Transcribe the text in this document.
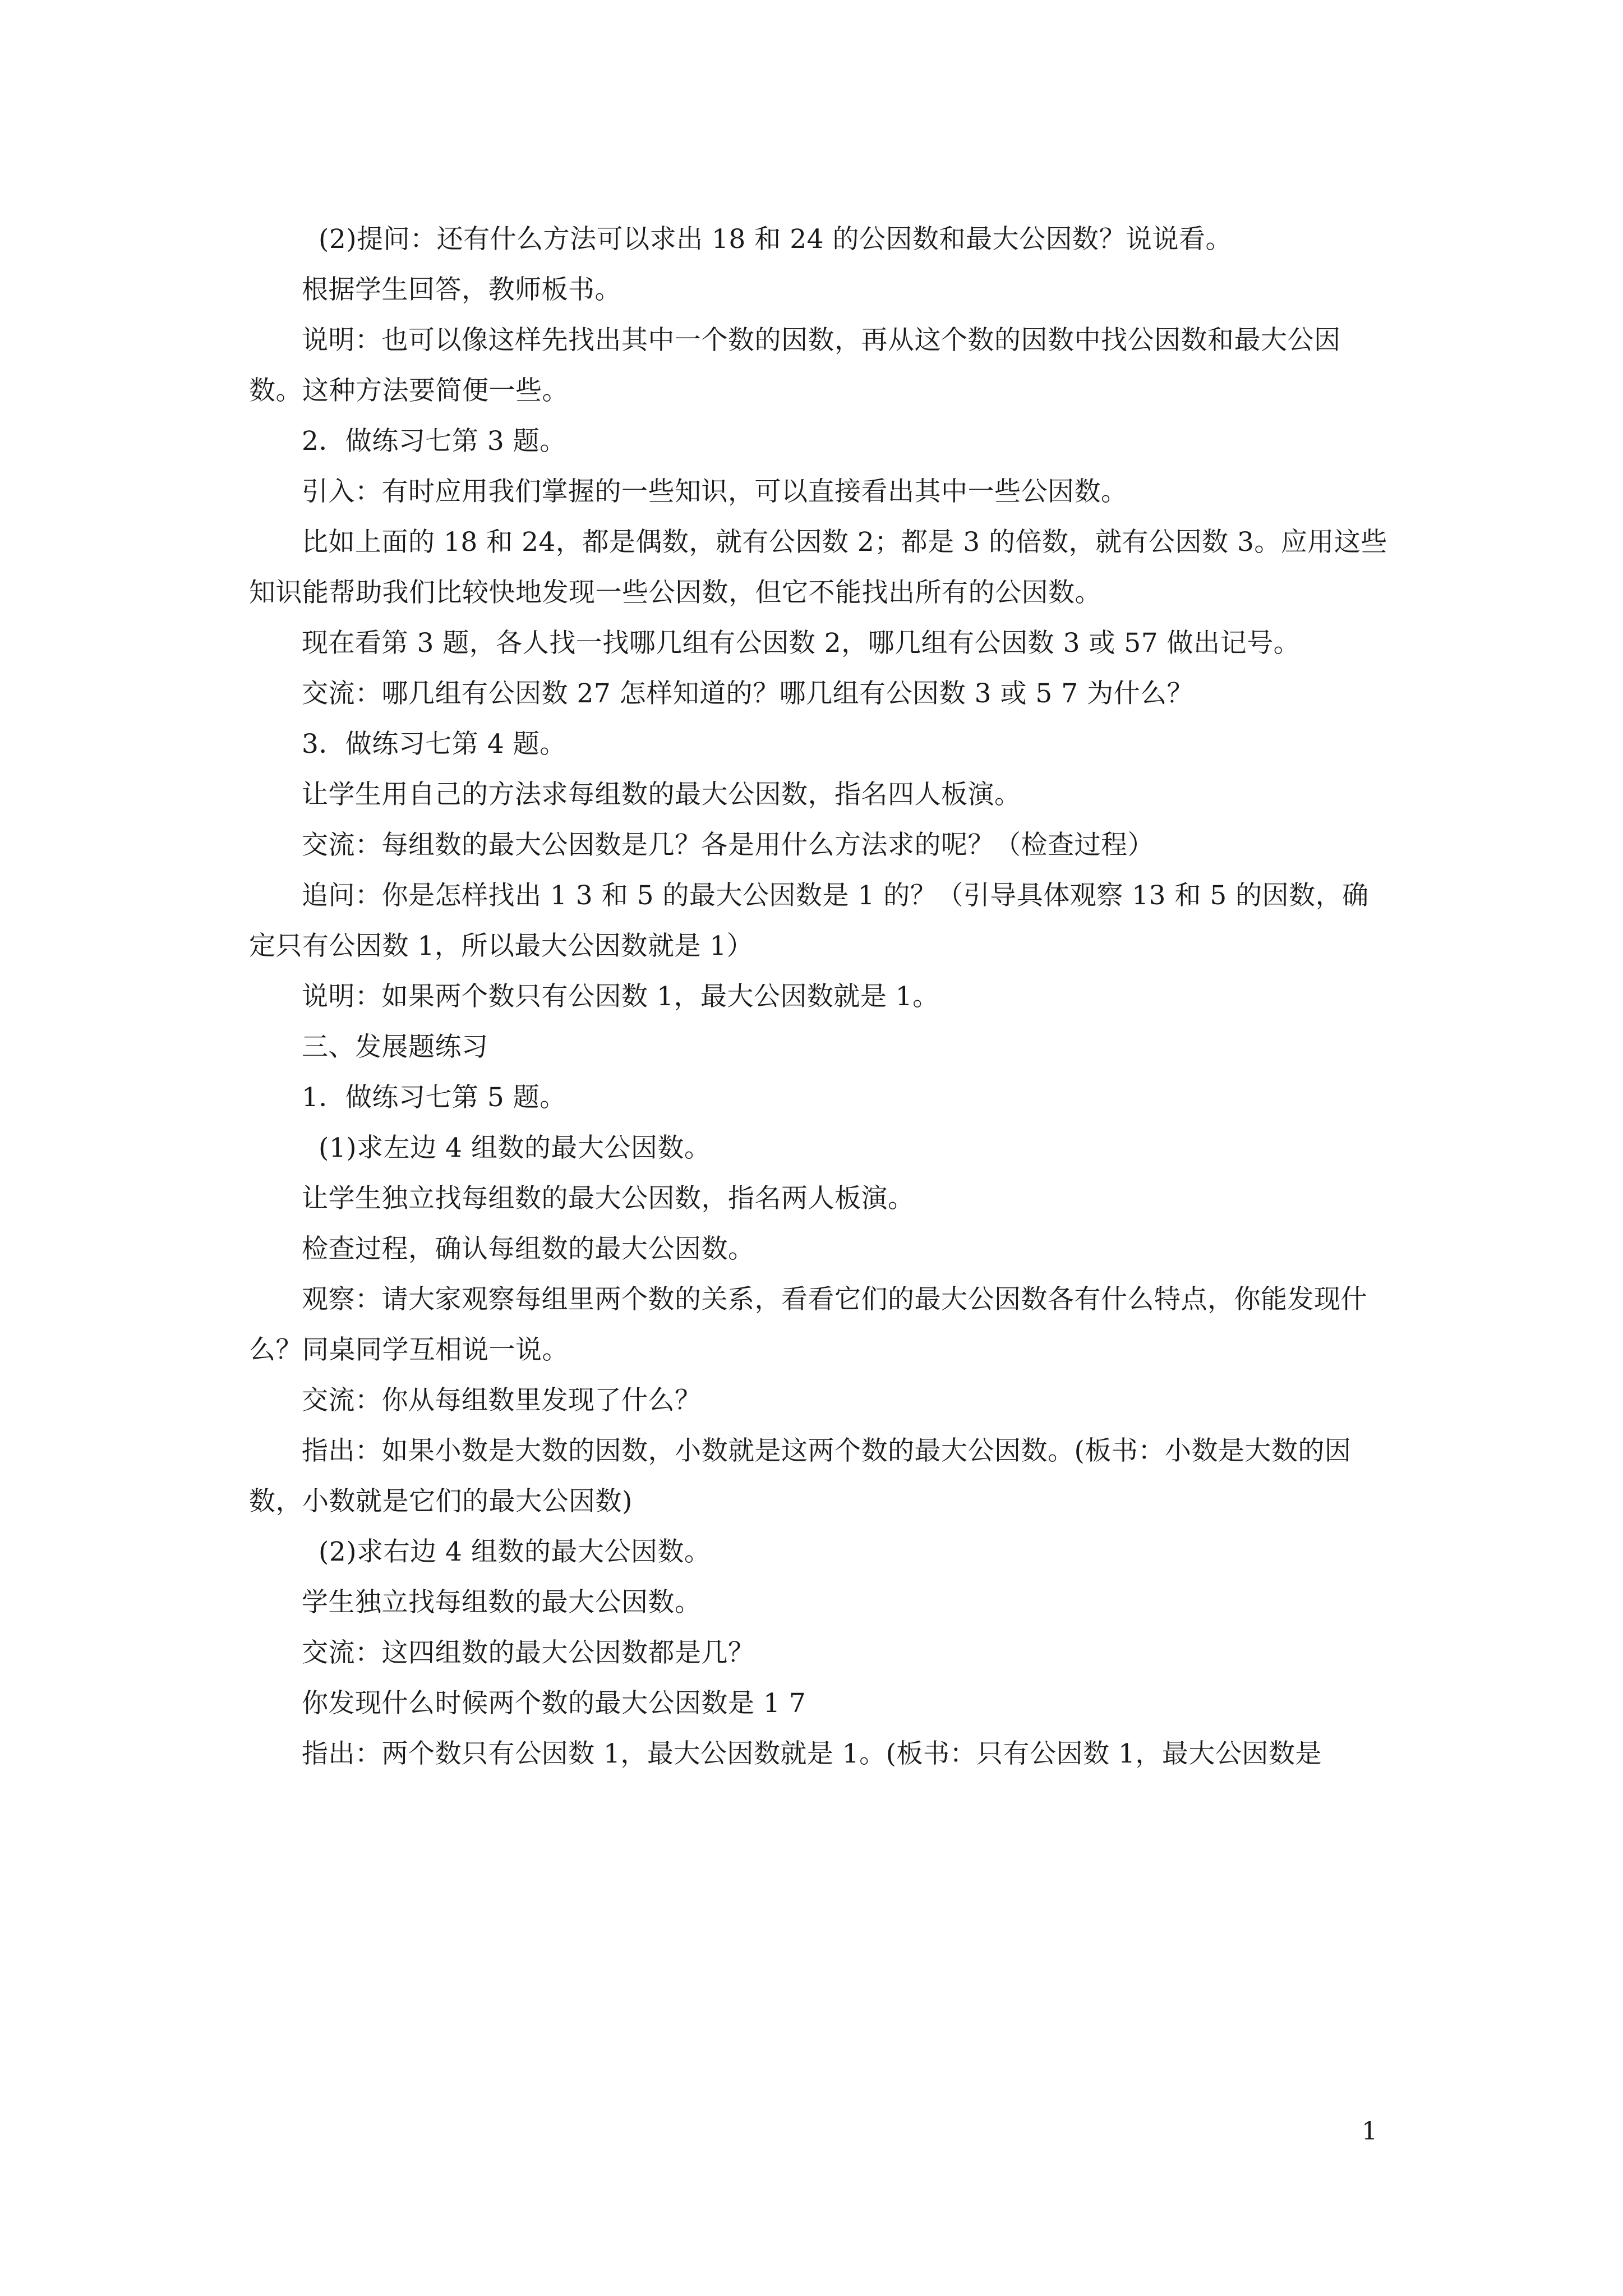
(2)提问：还有什么方法可以求出 18 和 24 的公因数和最大公因数？说说看。

根据学生回答，教师板书。

说明：也可以像这样先找出其中一个数的因数，再从这个数的因数中找公因数和最大公因数。这种方法要简便一些。

2．做练习七第 3 题。

引入：有时应用我们掌握的一些知识，可以直接看出其中一些公因数。

比如上面的 18 和 24，都是偶数，就有公因数 2；都是 3 的倍数，就有公因数 3。应用这些知识能帮助我们比较快地发现一些公因数，但它不能找出所有的公因数。

现在看第 3 题，各人找一找哪几组有公因数 2，哪几组有公因数 3 或 57 做出记号。

交流：哪几组有公因数 27 怎样知道的？哪几组有公因数 3 或 5 7 为什么？

3．做练习七第 4 题。

让学生用自己的方法求每组数的最大公因数，指名四人板演。

交流：每组数的最大公因数是几？各是用什么方法求的呢？（检查过程）

追问：你是怎样找出 1 3 和 5 的最大公因数是 1 的？（引导具体观察 13 和 5 的因数，确定只有公因数 1，所以最大公因数就是 1）

说明：如果两个数只有公因数 1，最大公因数就是 1。

三、发展题练习

1．做练习七第 5 题。

(1)求左边 4 组数的最大公因数。

让学生独立找每组数的最大公因数，指名两人板演。

检查过程，确认每组数的最大公因数。

观察：请大家观察每组里两个数的关系，看看它们的最大公因数各有什么特点，你能发现什么？同桌同学互相说一说。

交流：你从每组数里发现了什么？

指出：如果小数是大数的因数，小数就是这两个数的最大公因数。(板书：小数是大数的因数，小数就是它们的最大公因数)

(2)求右边 4 组数的最大公因数。

学生独立找每组数的最大公因数。

交流：这四组数的最大公因数都是几？

你发现什么时候两个数的最大公因数是 1 7

指出：两个数只有公因数 1，最大公因数就是 1。(板书：只有公因数 1，最大公因数是

1
